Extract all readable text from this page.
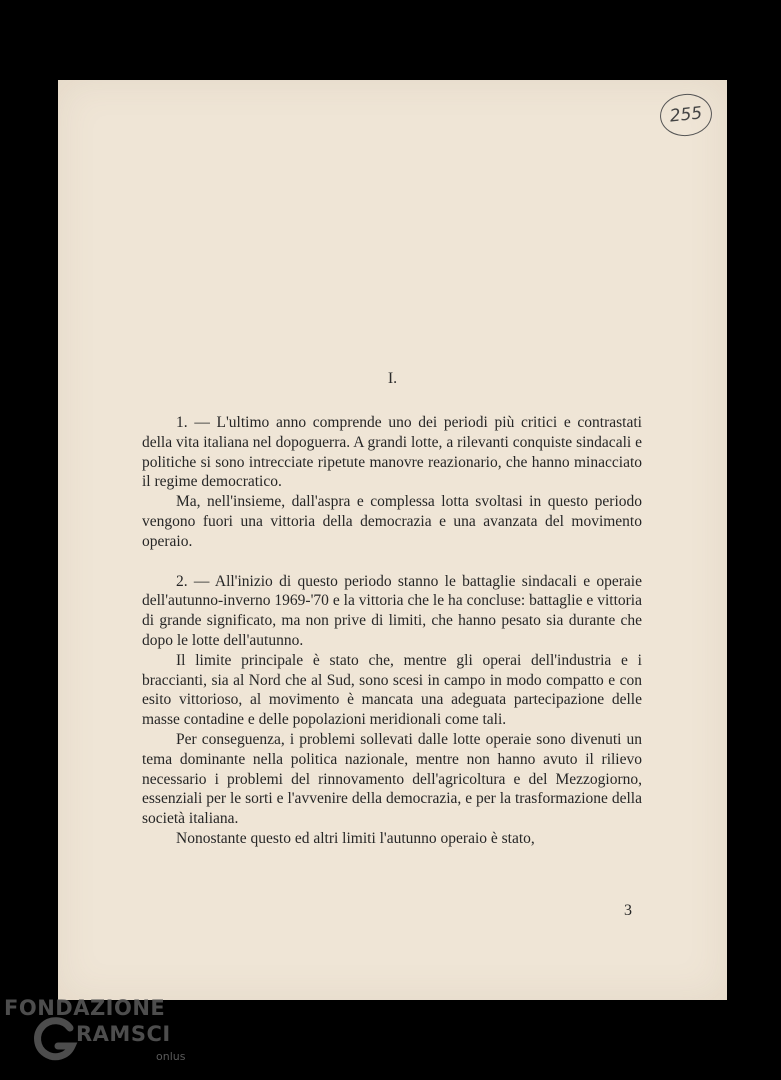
255
I.

1. — L'ultimo anno comprende uno dei periodi più critici e contrastati della vita italiana nel dopoguerra. A grandi lotte, a rilevanti conquiste sindacali e politiche si sono intrecciate ripetute manovre reazionario, che hanno minacciato il regime democratico.

Ma, nell'insieme, dall'aspra e complessa lotta svoltasi in questo periodo vengono fuori una vittoria della democrazia e una avanzata del movimento operaio.

2. — All'inizio di questo periodo stanno le battaglie sindacali e operaie dell'autunno-inverno 1969-'70 e la vittoria che le ha concluse: battaglie e vittoria di grande significato, ma non prive di limiti, che hanno pesato sia durante che dopo le lotte dell'autunno.

Il limite principale è stato che, mentre gli operai dell'industria e i braccianti, sia al Nord che al Sud, sono scesi in campo in modo compatto e con esito vittorioso, al movimento è mancata una adeguata partecipazione delle masse contadine e delle popolazioni meridionali come tali.

Per conseguenza, i problemi sollevati dalle lotte operaie sono divenuti un tema dominante nella politica nazionale, mentre non hanno avuto il rilievo necessario i problemi del rinnovamento dell'agricoltura e del Mezzogiorno, essenziali per le sorti e l'avvenire della democrazia, e per la trasformazione della società italiana.

Nonostante questo ed altri limiti l'autunno operaio è stato,

3
FONDAZIONE
RAMSCI
onlus
